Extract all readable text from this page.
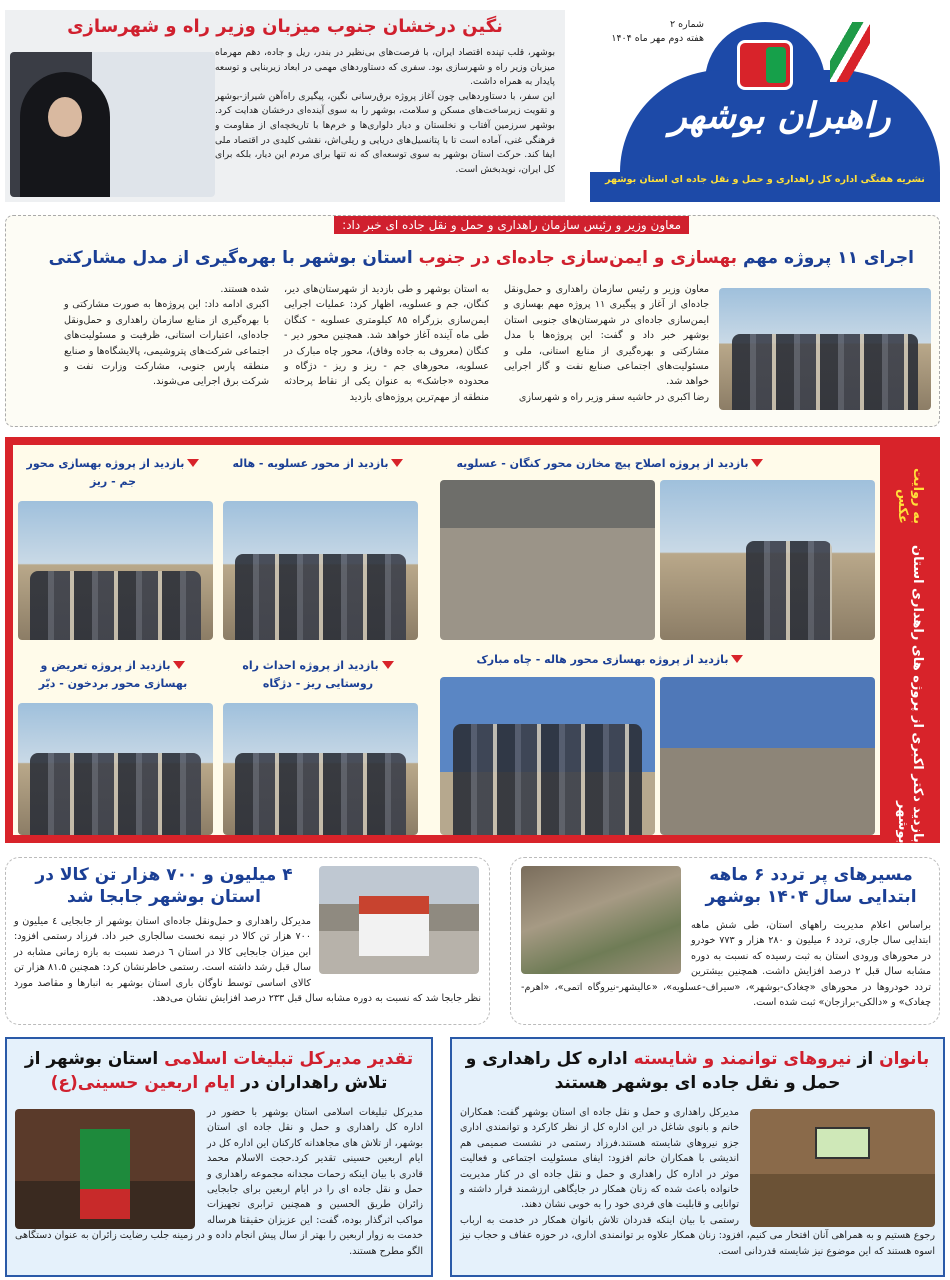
شماره ۲
هفته دوم مهر ماه ۱۴۰۴
راهبران بوشهر
نشریه هفتگی اداره کل راهداری و حمل و نقل جاده ای استان بوشهر
نگین درخشان جنوب میزبان وزیر راه و شهرسازی
بوشهر، قلب تپنده اقتصاد ایران، با فرصت‌های بی‌نظیر در بندر، ریل و جاده، دهم مهرماه میزبان وزیر راه و شهرسازی بود. سفری که دستاوردهای مهمی در ابعاد زیربنایی و توسعه پایدار به همراه داشت.
این سفر، با دستاوردهایی چون آغاز پروژه برق‌رسانی نگین، پیگیری راه‌آهن شیراز-بوشهر و تقویت زیرساخت‌های مسکن و سلامت، بوشهر را به سوی آینده‌ای درخشان هدایت کرد. بوشهر سرزمین آفتاب و نخلستان و دیار دلواری‌ها و خرم‌ها با تاریخچه‌ای از مقاومت و فرهنگی غنی، آماده است تا با پتانسیل‌های دریایی و ریلی‌اش، نقشی کلیدی در اقتصاد ملی ایفا کند. حرکت استان بوشهر به سوی توسعه‌ای که نه تنها برای مردم این دیار، بلکه برای کل ایران، نویدبخش است.
معاون وزیر و رئیس سازمان راهداری و حمل و نقل جاده ای خبر داد:
اجرای ۱۱ پروژه مهم بهسازی و ایمن‌سازی جاده‌ای در جنوب استان بوشهر با بهره‌گیری از مدل مشارکتی
معاون وزیر و رئیس سازمان راهداری و حمل‌ونقل جاده‌ای از آغاز و پیگیری ۱۱ پروژه مهم بهسازی و ایمن‌سازی جاده‌ای در شهرستان‌های جنوبی استان بوشهر خبر داد و گفت: این پروژه‌ها با مدل مشارکتی و بهره‌گیری از منابع استانی، ملی و مسئولیت‌های اجتماعی صنایع نفت و گاز اجرایی خواهد شد.
رضا اکبری در حاشیه سفر وزیر راه و شهرسازی
به استان بوشهر و طی بازدید از شهرستان‌های دیر، کنگان، جم و عسلویه، اظهار کرد: عملیات اجرایی ایمن‌سازی بزرگراه ۸۵ کیلومتری عسلویه - کنگان طی ماه آینده آغاز خواهد شد. همچنین محور دیر - کنگان (معروف به جاده وفاق)، محور چاه مبارک در عسلویه، محورهای جم - ریز و ریز - دژگاه و محدوده «جاشک» به عنوان یکی از نقاط پرحادثه منطقه از مهم‌ترین پروژه‌های بازدید
شده هستند.
اکبری ادامه داد: این پروژه‌ها به صورت مشارکتی و با بهره‌گیری از منابع سازمان راهداری و حمل‌ونقل جاده‌ای، اعتبارات استانی، ظرفیت و مسئولیت‌های اجتماعی شرکت‌های پتروشیمی، پالایشگاه‌ها و صنایع منطقه پارس جنوبی، مشارکت وزارت نفت و شرکت برق اجرایی می‌شوند.
بازدید دکتر اکبری از پروژه های راهداری استان بوشهر
به روایت عکس
بازدید از پروژه اصلاح پیچ مخازن محور کنگان - عسلویه
بازدید از محور عسلویه - هاله
بازدید از پروژه بهسازی محور جم - ریز
بازدید از پروژه بهسازی محور هاله - چاه مبارک
بازدید از پروژه احداث راه روستایی ریز - دژگاه
بازدید از پروژه تعریض و بهسازی محور بردخون - دیّر
مسیرهای پر تردد ۶ ماهه ابتدایی سال ۱۴۰۴ بوشهر
براساس اعلام مدیریت راههای استان، طی شش ماهه ابتدایی سال جاری، تردد ۶ میلیون و ۲۸۰ هزار و ۷۷۳ خودرو در محورهای ورودی استان به ثبت رسیده که نسبت به دوره مشابه سال قبل ۲ درصد افزایش داشت. همچنین بیشترین تردد خودروها در محورهای «چغادک-بوشهر»، «سیراف-عسلویه»، «عالیشهر-نیروگاه اتمی»، «اهرم-چغادک» و «دالکی-برازجان» ثبت شده است.
۴ میلیون و ۷۰۰ هزار تن کالا در استان بوشهر جابجا شد
مدیرکل راهداری و حمل‌ونقل جاده‌ای استان بوشهر از جابجایی ٤ میلیون و ۷۰۰ هزار تن کالا در نیمه نخست سالجاری خبر داد. فرزاد رستمی افزود: این میزان جابجایی کالا در استان ٦ درصد نسبت به بازه زمانی مشابه در سال قبل رشد داشته است. رستمی خاطرنشان کرد: همچنین ۸۱.۵ هزار تن کالای اساسی توسط ناوگان باری استان بوشهر به انبارها و مقاصد مورد نظر جابجا شد که نسبت به دوره مشابه سال قبل ۲۳۳ درصد افزایش نشان می‌دهد.
بانوان از نیروهای توانمند و شایسته اداره کل راهداری و حمل و نقل جاده ای بوشهر هستند
مدیرکل راهداری و حمل و نقل جاده ای استان بوشهر گفت: همکاران خانم و بانوی شاغل در این اداره کل از نظر کارکرد و توانمندی اداری جزو نیروهای شایسته هستند.فرزاد رستمی در نشست صمیمی هم اندیشی با همکاران خانم افزود: ایفای مسئولیت اجتماعی و فعالیت موثر در اداره کل راهداری و حمل و نقل جاده ای در کنار مدیریت خانواده باعث شده که زنان همکار در جایگاهی ارزشمند قرار داشته و توانایی و قابلیت های فردی خود را به خوبی نشان دهند.
رستمی با بیان اینکه قدردان تلاش بانوان همکار در خدمت به ارباب رجوع هستیم و به همراهی آنان افتخار می کنیم، افزود: زنان همکار علاوه بر توانمندی اداری، در حوزه عفاف و حجاب نیز اسوه هستند که این موضوع نیز شایسته قدردانی است.
تقدیر مدیرکل تبلیغات اسلامی استان بوشهر از تلاش راهداران در ایام اربعین حسینی(ع)
مدیرکل تبلیغات اسلامی استان بوشهر با حضور در اداره کل راهداری و حمل و نقل جاده ای استان بوشهر، از تلاش های مجاهدانه کارکنان این اداره کل در ایام اربعین حسینی تقدیر کرد.حجت الاسلام محمد قادری با بیان اینکه زحمات مجدانه مجموعه راهداری و حمل و نقل جاده ای را در ایام اربعین برای جابجایی زائران طریق الحسین و همچنین ترابری تجهیزات مواکب اثرگذار بوده، گفت: این عزیزان حقیقتا هرساله خدمت به زوار اربعین را بهتر از سال پیش انجام داده و در زمینه جلب رضایت زائران به عنوان دستگاهی الگو مطرح هستند.
